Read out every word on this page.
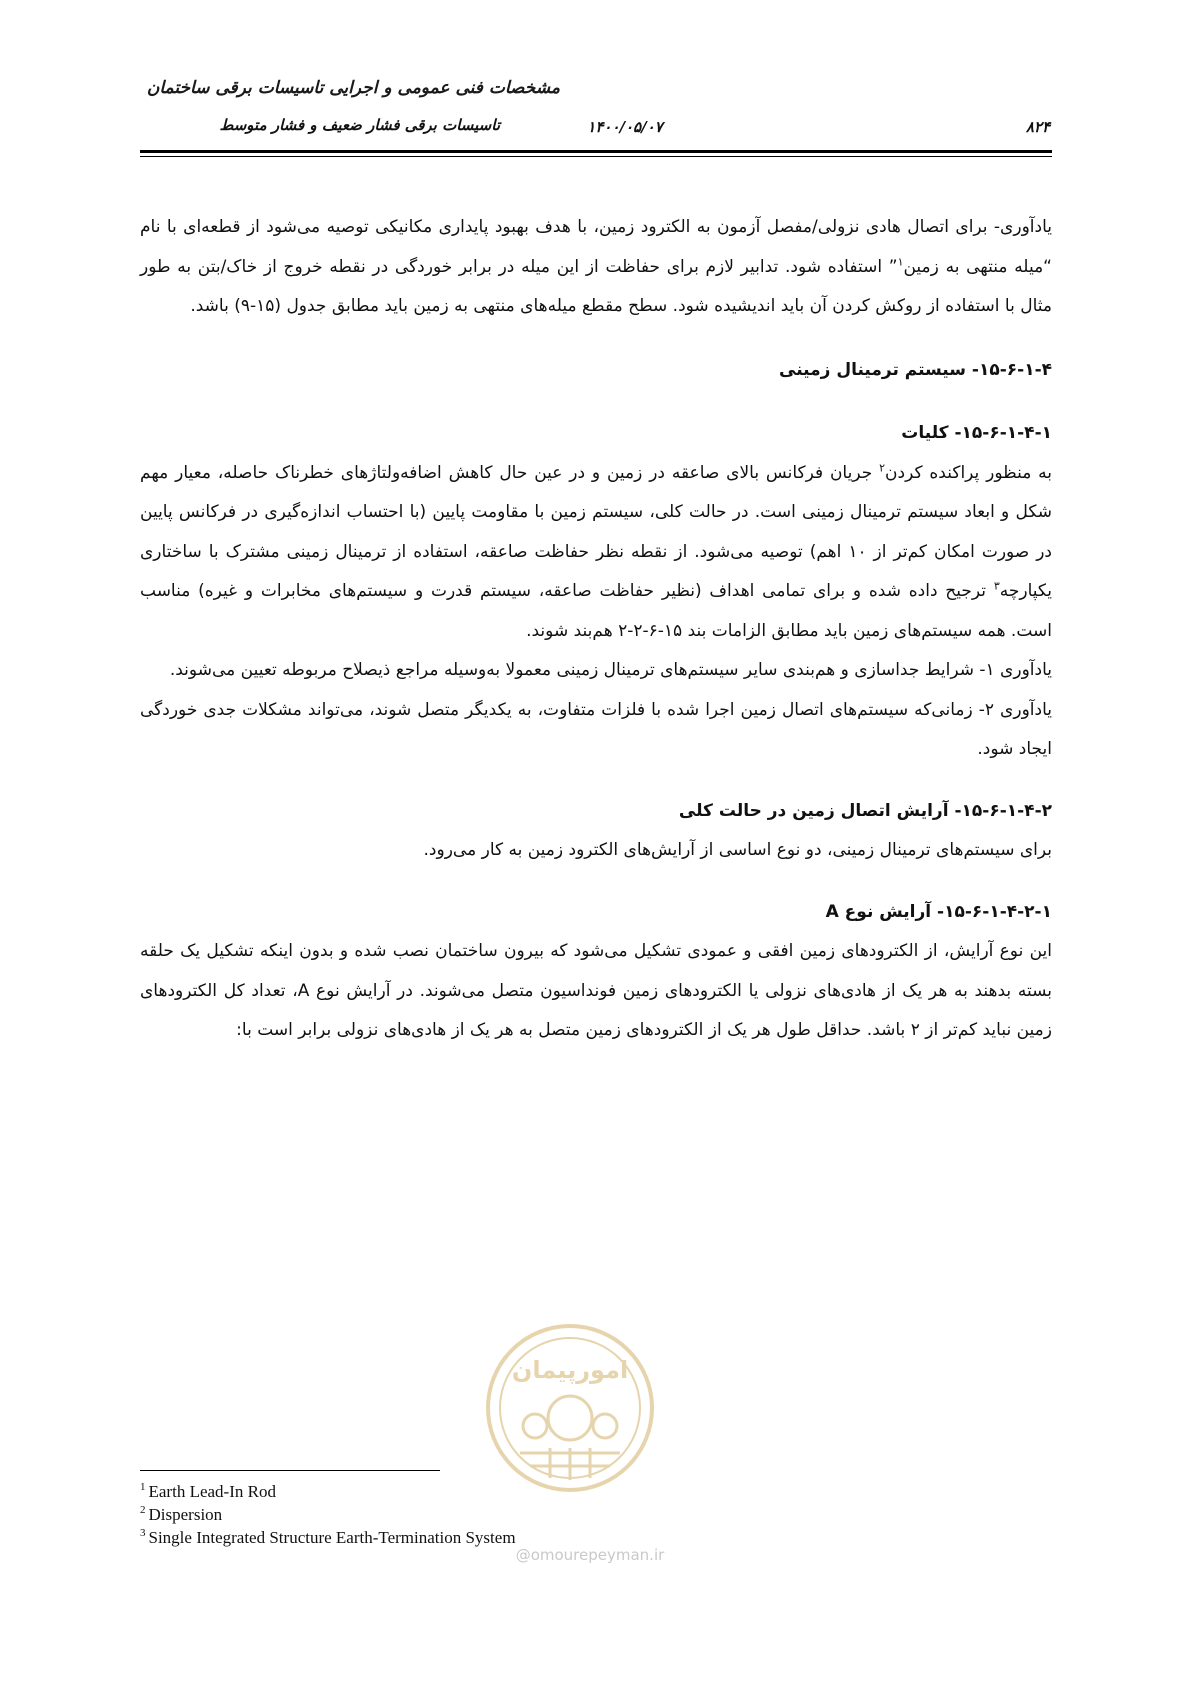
مشخصات فنی عمومی و اجرایی تاسیسات برقی ساختمان
تاسیسات برقی فشار ضعیف و فشار متوسط	۱۴۰۰/۰۵/۰۷	۸۲۴

یادآوری- برای اتصال هادی نزولی/مفصل آزمون به الکترود زمین، با هدف بهبود پایداری مکانیکی توصیه می‌شود از قطعه‌ای با نام “میله منتهی به زمین$^۱$” استفاده شود. تدابیر لازم برای حفاظت از این میله در برابر خوردگی در نقطه خروج از خاک/بتن به طور مثال با استفاده از روکش کردن آن باید اندیشیده شود. سطح مقطع میله‌های منتهی به زمین باید مطابق جدول (۱۵-۹) باشد.

۱۵-۶-۱-۴- سیستم ترمینال زمینی
۱۵-۶-۱-۴-۱- کلیات

به منظور پراکنده کردن$^۲$ جریان فرکانس بالای صاعقه در زمین و در عین حال کاهش اضافه‌ولتاژهای خطرناک حاصله، معیار مهم شکل و ابعاد سیستم ترمینال زمینی است. در حالت کلی، سیستم زمین با مقاومت پایین (با احتساب اندازه‌گیری در فرکانس پایین در صورت امکان کم‌تر از ۱۰ اهم) توصیه می‌شود. از نقطه نظر حفاظت صاعقه، استفاده از ترمینال زمینی مشترک با ساختاری یکپارچه$^۳$ ترجیح داده شده و برای تمامی اهداف (نظیر حفاظت صاعقه، سیستم قدرت و سیستم‌های مخابرات و غیره) مناسب است. همه سیستم‌های زمین باید مطابق الزامات بند ۱۵-۶-۲-۲ هم‌بند شوند.

یادآوری ۱- شرایط جداسازی و هم‌بندی سایر سیستم‌های ترمینال زمینی معمولا به‌وسیله مراجع ذیصلاح مربوطه تعیین می‌شوند.

یادآوری ۲- زمانی‌که سیستم‌های اتصال زمین اجرا شده با فلزات متفاوت، به یکدیگر متصل شوند، می‌تواند مشکلات جدی خوردگی ایجاد شود.

۱۵-۶-۱-۴-۲- آرایش اتصال زمین در حالت کلی

برای سیستم‌های ترمینال زمینی، دو نوع اساسی از آرایش‌های الکترود زمین به کار می‌رود.

۱۵-۶-۱-۴-۲-۱- آرایش نوع A

این نوع آرایش، از الکترودهای زمین افقی و عمودی تشکیل می‌شود که بیرون ساختمان نصب شده و بدون اینکه تشکیل یک حلقه بسته بدهند به هر یک از هادی‌های نزولی یا الکترودهای زمین فونداسیون متصل می‌شوند. در آرایش نوع A، تعداد کل الکترودهای زمین نباید کم‌تر از ۲ باشد. حداقل طول هر یک از الکترودهای زمین متصل به هر یک از هادی‌های نزولی برابر است با:

امورپیمان
$^1$ Earth Lead-In Rod
$^2$ Dispersion
$^3$ Single Integrated Structure Earth-Termination System
@omourepeyman.ir
